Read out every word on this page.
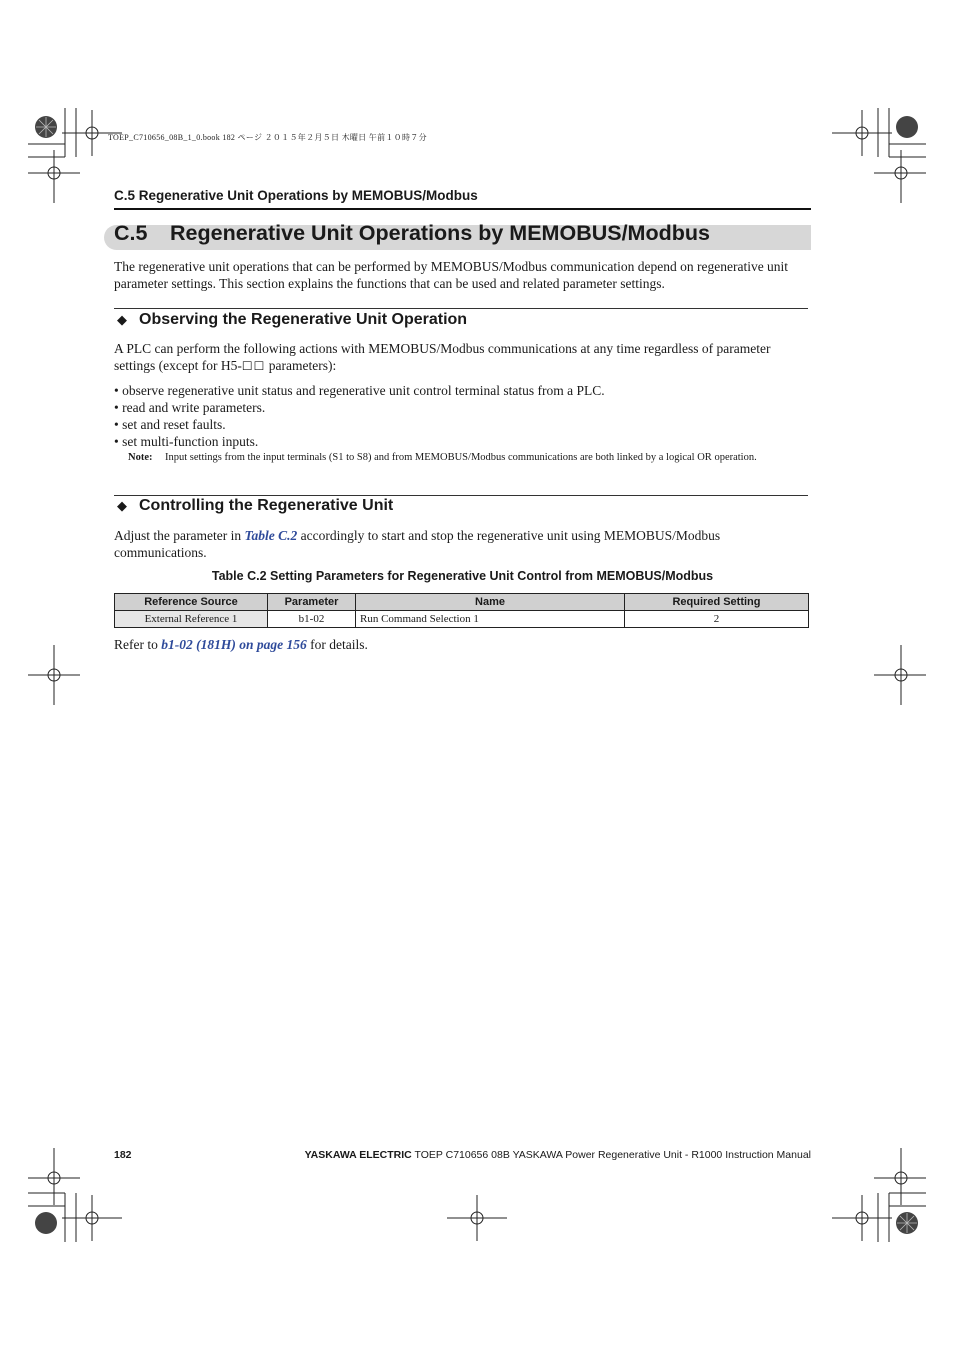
TOEP_C710656_08B_1_0.book 182 ページ ２０１５年２月５日 木曜日 午前１０時７分
C.5 Regenerative Unit Operations by MEMOBUS/Modbus
C.5 Regenerative Unit Operations by MEMOBUS/Modbus
The regenerative unit operations that can be performed by MEMOBUS/Modbus communication depend on regenerative unit parameter settings. This section explains the functions that can be used and related parameter settings.
◆ Observing the Regenerative Unit Operation
A PLC can perform the following actions with MEMOBUS/Modbus communications at any time regardless of parameter settings (except for H5-☐☐ parameters):
• observe regenerative unit status and regenerative unit control terminal status from a PLC.
• read and write parameters.
• set and reset faults.
• set multi-function inputs.
Note: Input settings from the input terminals (S1 to S8) and from MEMOBUS/Modbus communications are both linked by a logical OR operation.
◆ Controlling the Regenerative Unit
Adjust the parameter in Table C.2 accordingly to start and stop the regenerative unit using MEMOBUS/Modbus communications.
Table C.2 Setting Parameters for Regenerative Unit Control from MEMOBUS/Modbus
Reference Source	Parameter	Name	Required Setting
External Reference 1	b1-02	Run Command Selection 1	2
Refer to b1-02 (181H) on page 156 for details.
182	YASKAWA ELECTRIC TOEP C710656 08B YASKAWA Power Regenerative Unit - R1000 Instruction Manual
